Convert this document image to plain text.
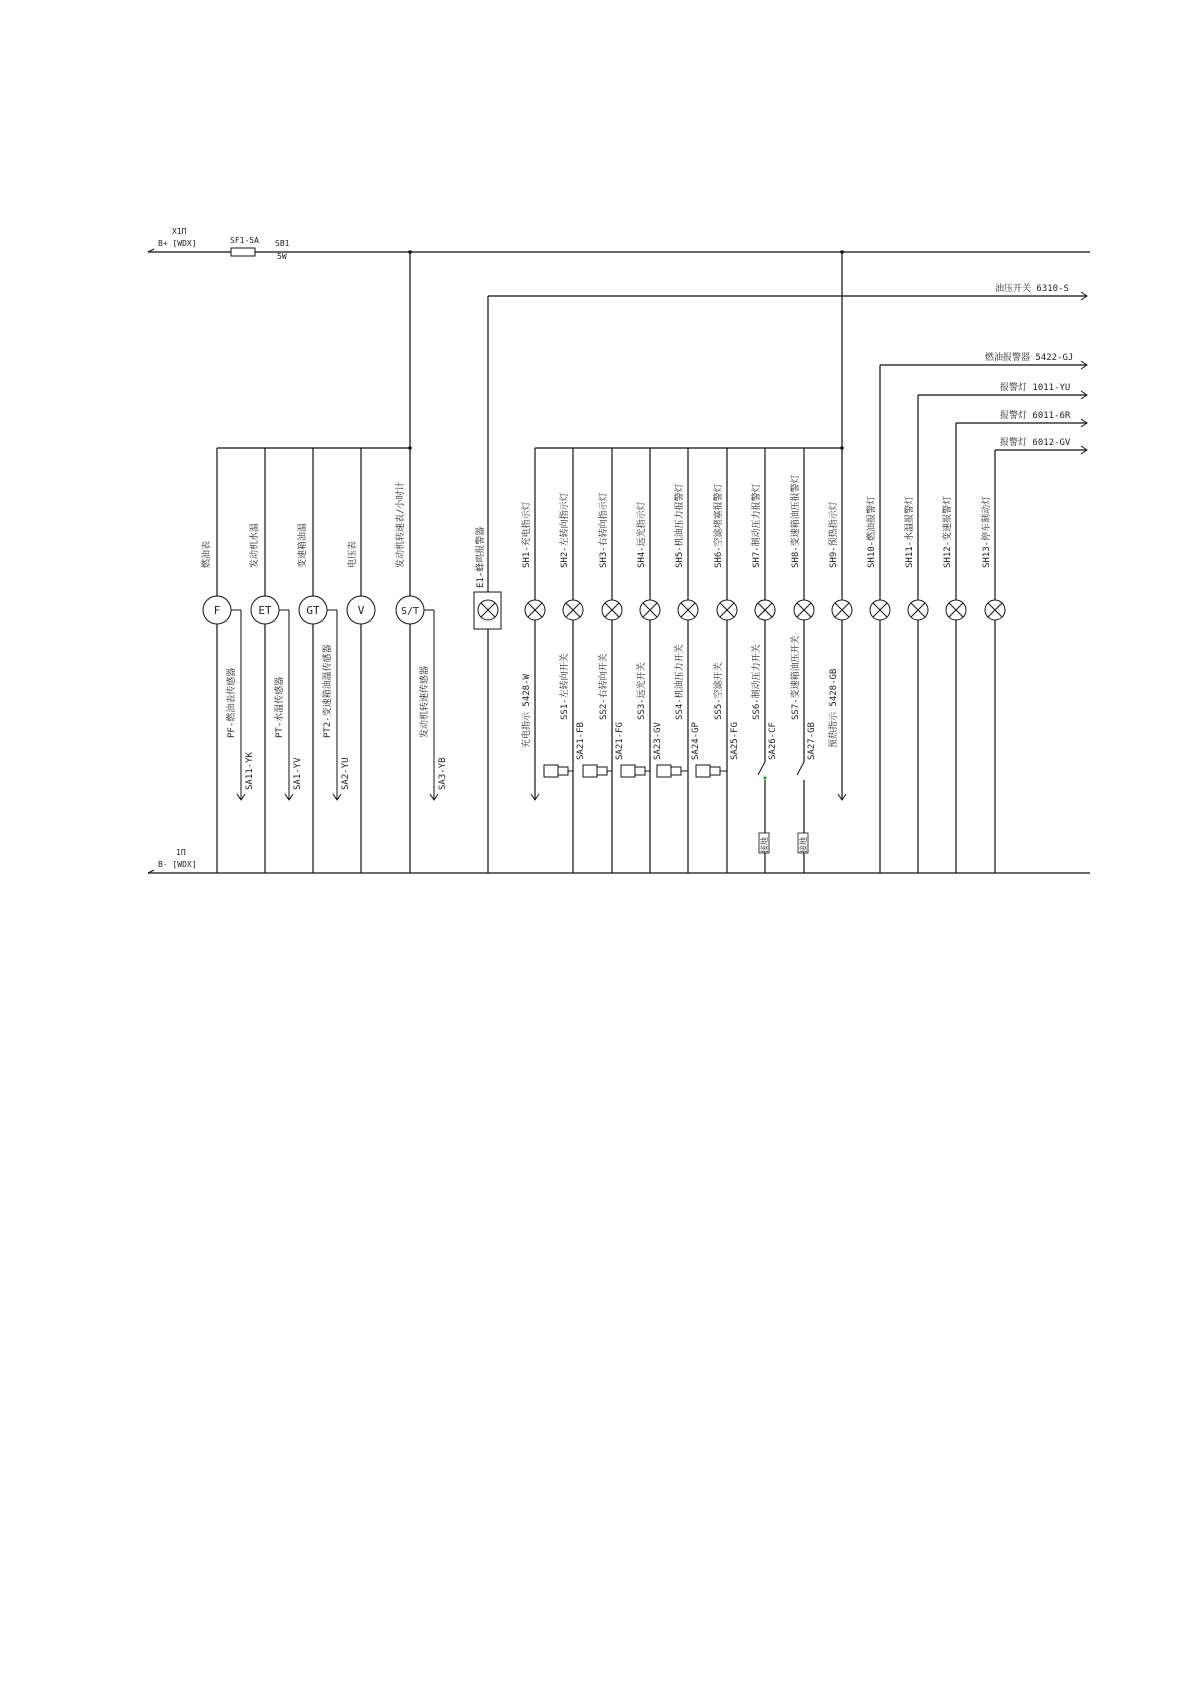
X1П
B+ [WDX]	SF1-5A SB1
5W
1П
B- [WDX]
油压开关 6310-S
燃油报警器 5422-GJ
报警灯 1011-YU
报警灯 6011-6R
报警灯 6012-GV
F
燃油表
PF-燃油表传感器
SA11-YK
ET
发动机水温
PT-水温传感器
SA1-YV
GT
变速箱油温
PT2-变速箱油温传感器
SA2-YU
V
电压表
S/T
发动机转速表/小时计
发动机转速传感器
SA3-YB
E1-蜂鸣报警器	SH1-充电指示灯
充电指示 5428-W
SH2-左转向指示灯
SS1-左转向开关
SA21-FB
SH3-右转向指示灯
SS2-右转向开关
SA21-FG
SH4-远光指示灯
SS3-远光开关
SA23-GV
SH5-机油压力报警灯
SS4-机油压力开关
SA24-GP
SH6-空滤堵塞报警灯
SS5-空滤开关
SA25-FG
接地
SH7-制动压力报警灯
SS6-制动压力开关
SA26-CF
接地
SH8-变速箱油压报警灯
SS7-变速箱油压开关
SA27-GB
SH9-预热指示灯
预热指示 5428-GB
SH10-燃油报警灯	SH11-水温报警灯	SH12-变速报警灯	SH13-停车制动灯
